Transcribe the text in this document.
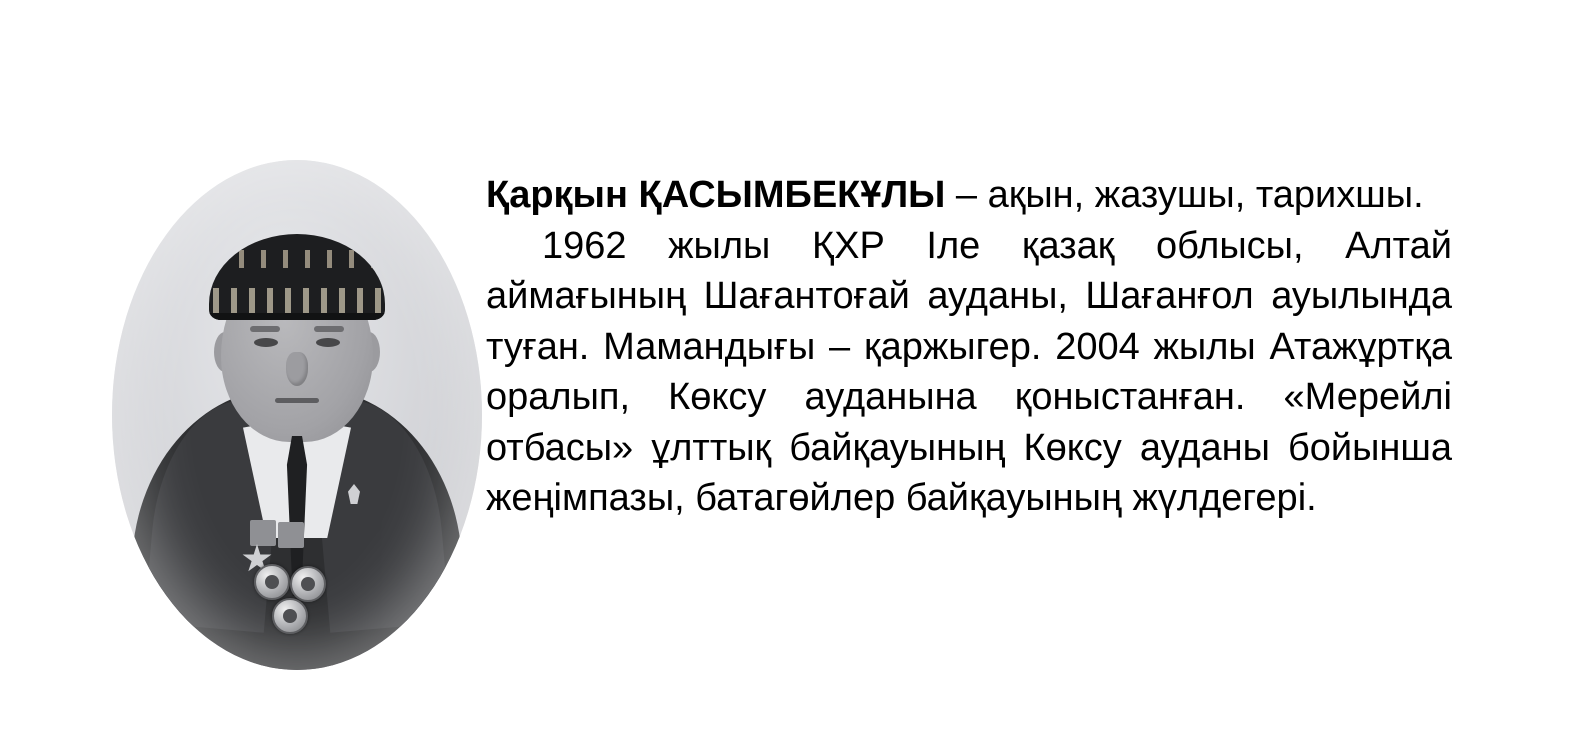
Қарқын ҚАСЫМБЕКҰЛЫ – ақын, жазушы, тарихшы.

1962 жылы ҚХР Іле қазақ облысы, Алтай аймағының Шағантоғай ауданы, Шағанғол ауылында туған. Мамандығы – қаржыгер. 2004 жылы Атажұртқа оралып, Көксу ауданына қоныстанған. «Мерейлі отбасы» ұлттық байқауының Көксу ауданы бойынша жеңімпазы, батагөйлер байқауының жүлдегері.
